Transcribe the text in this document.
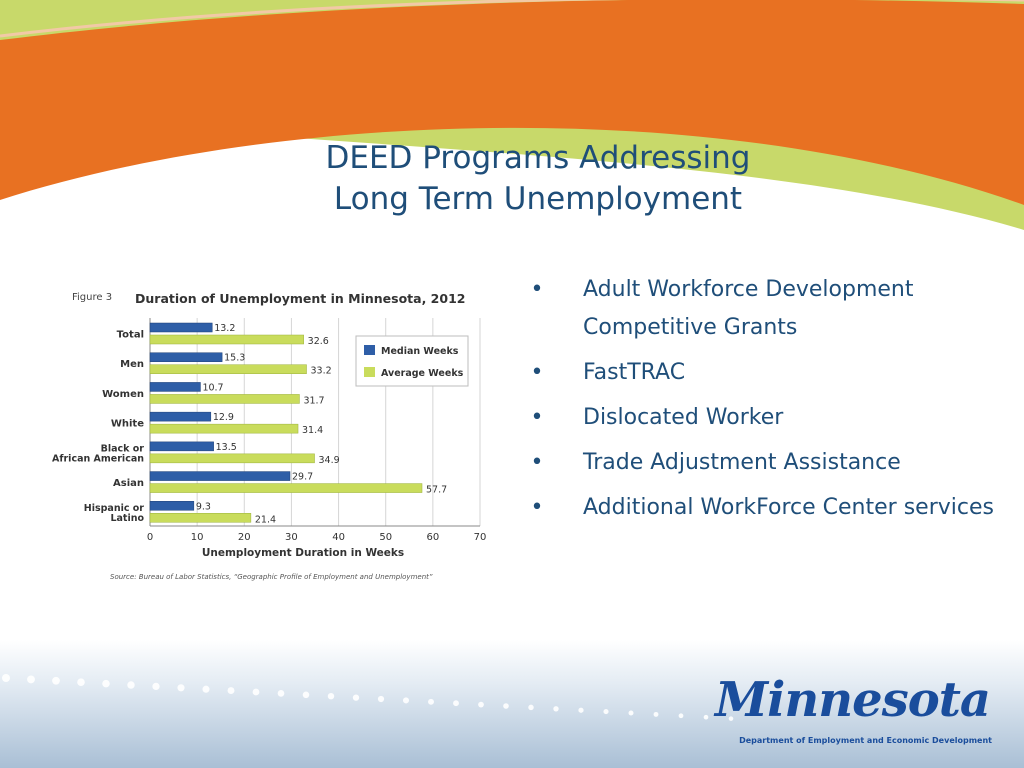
DEED Programs Addressing
Long Term Unemployment
Figure 3 Duration of Unemployment in Minnesota, 2012
0	10	20	30	40	50	60	70
13.2
32.6
Total
15.3
33.2
Men
10.7
31.7
Women
12.9
31.4
White
13.5
34.9
Black or
African American
29.7
57.7
Asian
9.3
21.4
Hispanic or
Latino
Median Weeks
Average Weeks
Unemployment Duration in Weeks
Source: Bureau of Labor Statistics, “Geographic Profile of Employment and Unemployment”
• Adult Workforce Development Competitive Grants
• FastTRAC
• Dislocated Worker
• Trade Adjustment Assistance
• Additional WorkForce Center services
Minnesota
Department of Employment and Economic Development
